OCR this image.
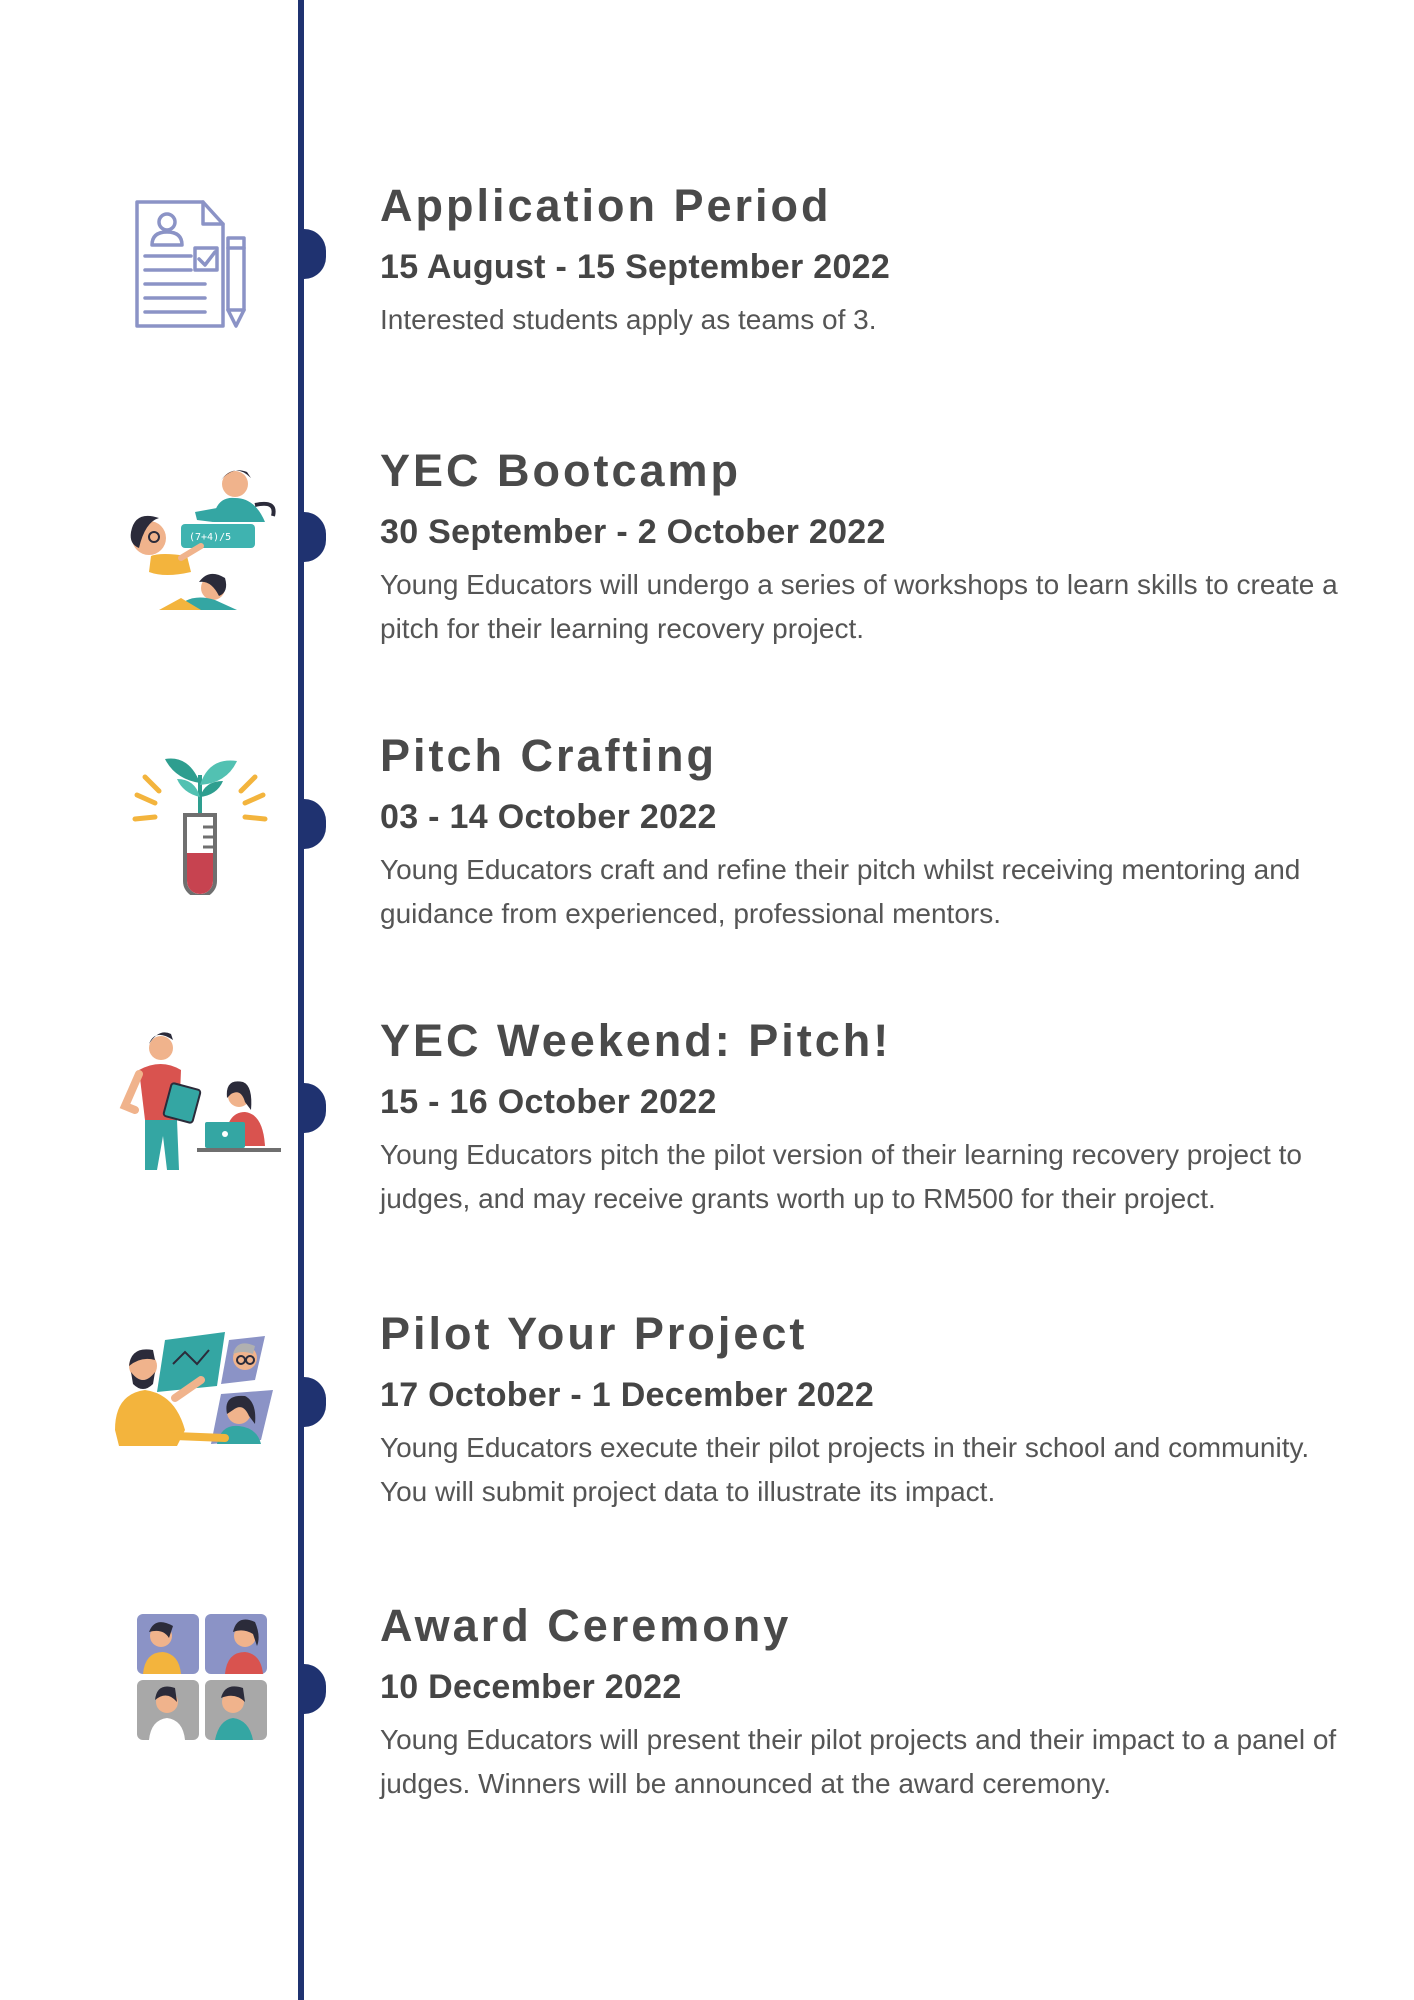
(7+4)/5
Application Period
15 August - 15 September 2022

Interested students apply as teams of 3.

YEC Bootcamp
30 September - 2 October 2022

Young Educators will undergo a series of workshops to learn skills to create a pitch for their learning recovery project.

Pitch Crafting
03 - 14 October 2022

Young Educators craft and refine their pitch whilst receiving mentoring and guidance from experienced, professional mentors.

YEC Weekend: Pitch!
15 - 16 October 2022

Young Educators pitch the pilot version of their learning recovery project to judges, and may receive grants worth up to RM500 for their project.

Pilot Your Project
17 October - 1 December 2022

Young Educators execute their pilot projects in their school and community. You will submit project data to illustrate its impact.

Award Ceremony
10 December 2022

Young Educators will present their pilot projects and their impact to a panel of judges. Winners will be announced at the award ceremony.
